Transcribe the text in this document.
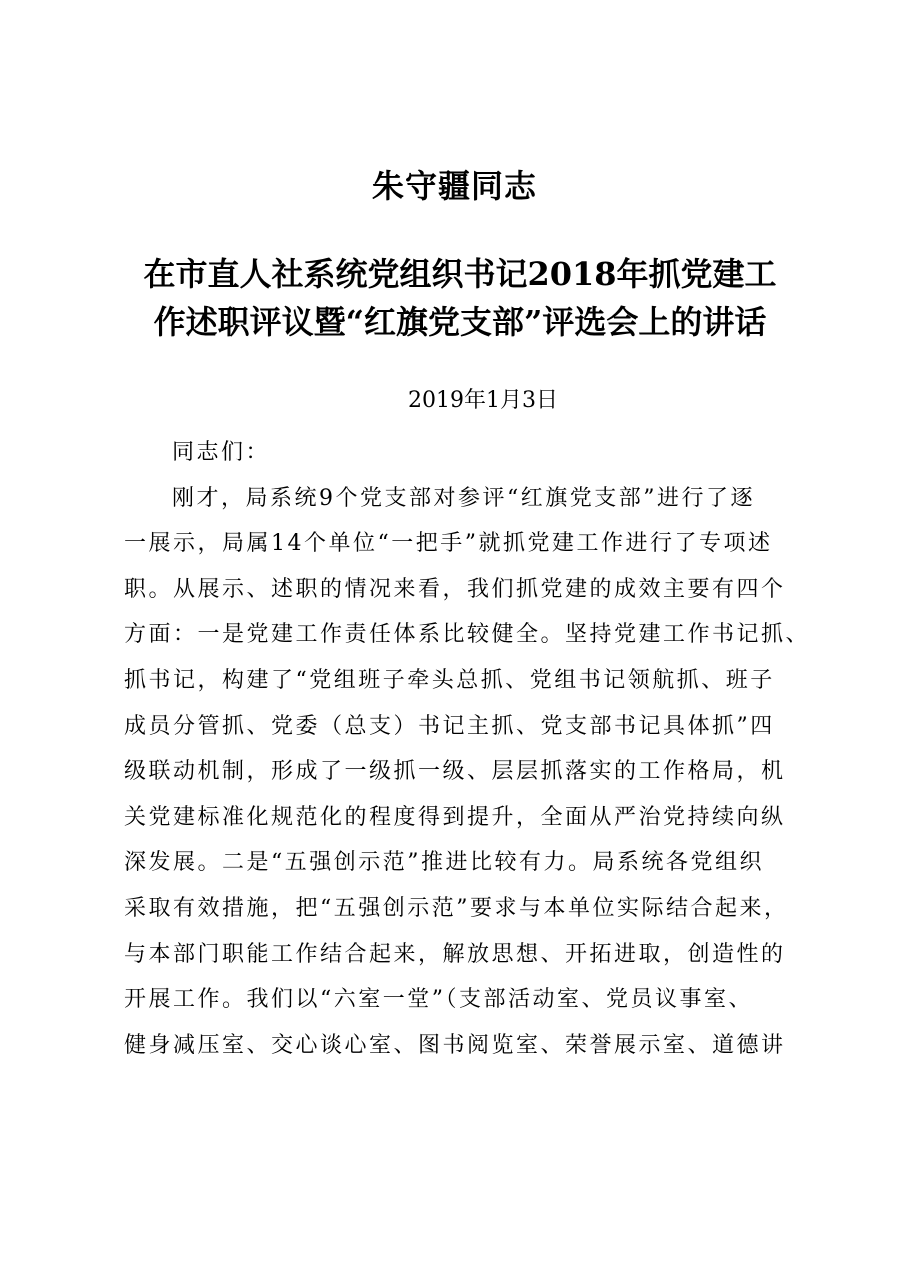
朱守疆同志
在市直人社系统党组织书记2018年抓党建工
作述职评议暨“红旗党支部”评选会上的讲话
2019年1月3日
同志们：
刚才，局系统9个党支部对参评“红旗党支部”进行了逐
一展示，局属14个单位“一把手”就抓党建工作进行了专项述
职。从展示、述职的情况来看，我们抓党建的成效主要有四个
方面：一是党建工作责任体系比较健全。坚持党建工作书记抓、
抓书记，构建了“党组班子牵头总抓、党组书记领航抓、班子
成员分管抓、党委（总支）书记主抓、党支部书记具体抓”四
级联动机制，形成了一级抓一级、层层抓落实的工作格局，机
关党建标准化规范化的程度得到提升，全面从严治党持续向纵
深发展。二是“五强创示范”推进比较有力。局系统各党组织
采取有效措施，把“五强创示范”要求与本单位实际结合起来，
与本部门职能工作结合起来，解放思想、开拓进取，创造性的
开展工作。我们以“六室一堂”（支部活动室、党员议事室、
健身减压室、交心谈心室、图书阅览室、荣誉展示室、道德讲
